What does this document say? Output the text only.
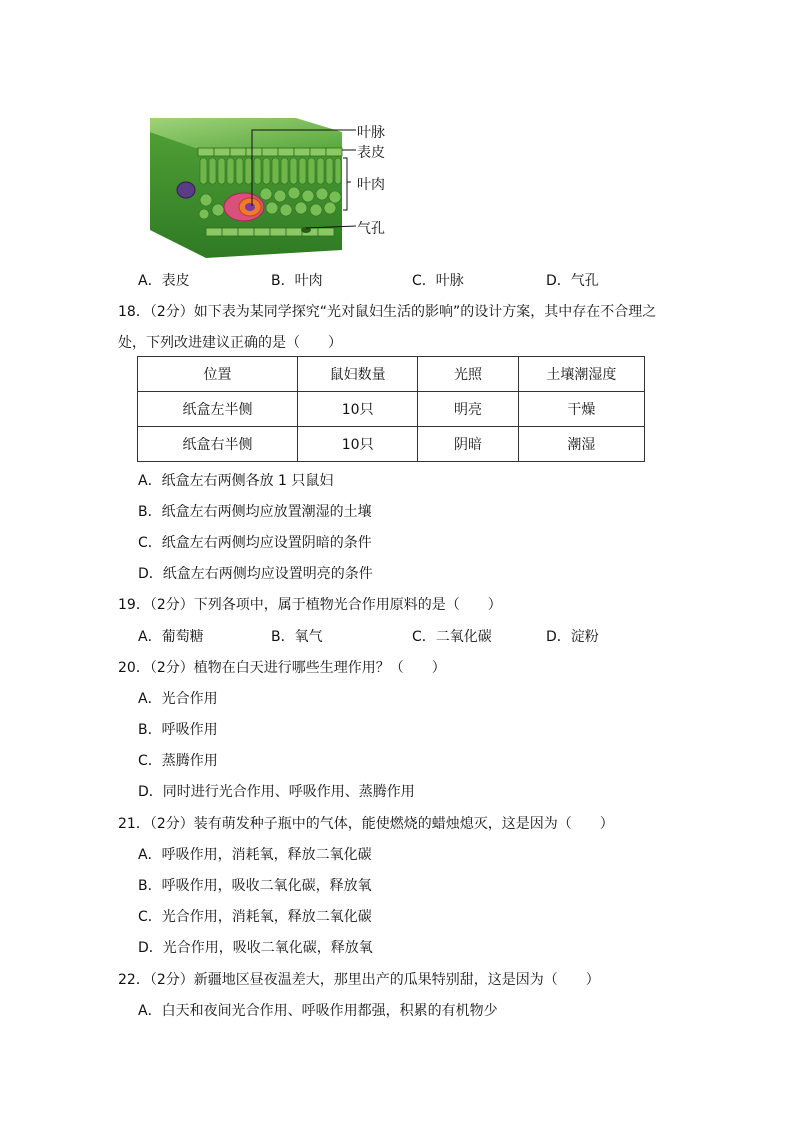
叶脉
表皮
叶肉
气孔
A．表皮	B．叶肉	C．叶脉	D．气孔
18．（2分）如下表为某同学探究“光对鼠妇生活的影响”的设计方案，其中存在不合理之
处，下列改进建议正确的是（　　）
位置	鼠妇数量	光照	土壤潮湿度
纸盒左半侧	10只	明亮	干燥
纸盒右半侧	10只	阴暗	潮湿
A．纸盒左右两侧各放 1 只鼠妇
B．纸盒左右两侧均应放置潮湿的土壤
C．纸盒左右两侧均应设置阴暗的条件
D．纸盒左右两侧均应设置明亮的条件
19．（2分）下列各项中，属于植物光合作用原料的是（　　）
A．葡萄糖	B．氧气	C．二氧化碳	D．淀粉
20．（2分）植物在白天进行哪些生理作用？（　　）
A．光合作用
B．呼吸作用
C．蒸腾作用
D．同时进行光合作用、呼吸作用、蒸腾作用
21．（2分）装有萌发种子瓶中的气体，能使燃烧的蜡烛熄灭，这是因为（　　）
A．呼吸作用，消耗氧，释放二氧化碳
B．呼吸作用，吸收二氧化碳，释放氧
C．光合作用，消耗氧，释放二氧化碳
D．光合作用，吸收二氧化碳，释放氧
22．（2分）新疆地区昼夜温差大，那里出产的瓜果特别甜，这是因为（　　）
A．白天和夜间光合作用、呼吸作用都强，积累的有机物少
